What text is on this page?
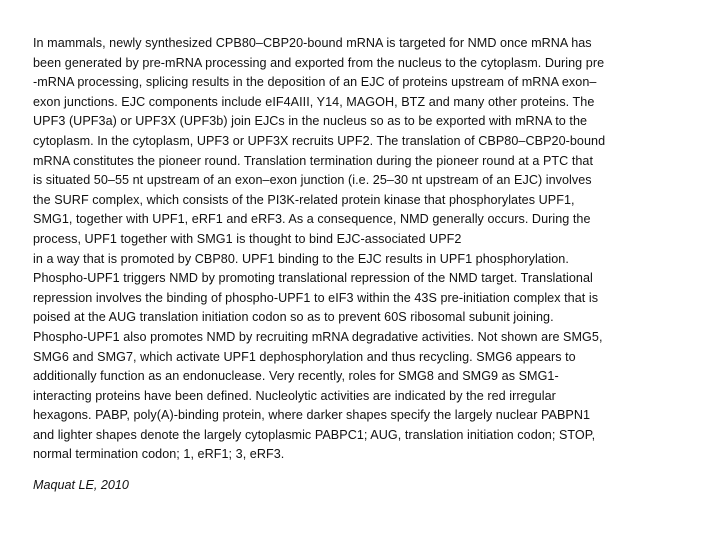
In mammals, newly synthesized CPB80–CBP20-bound mRNA is targeted for NMD once mRNA has
been generated by pre-mRNA processing and exported from the nucleus to the cytoplasm. During pre
-mRNA processing, splicing results in the deposition of an EJC of proteins upstream of mRNA exon–
exon junctions. EJC components include eIF4AIII, Y14, MAGOH, BTZ and many other proteins. The
UPF3 (UPF3a) or UPF3X (UPF3b) join EJCs in the nucleus so as to be exported with mRNA to the
cytoplasm. In the cytoplasm, UPF3 or UPF3X recruits UPF2. The translation of CBP80–CBP20-bound
mRNA constitutes the pioneer round. Translation termination during the pioneer round at a PTC that
is situated 50–55 nt upstream of an exon–exon junction (i.e. 25–30 nt upstream of an EJC) involves
the SURF complex, which consists of the PI3K-related protein kinase that phosphorylates UPF1,
SMG1, together with UPF1, eRF1 and eRF3. As a consequence, NMD generally occurs. During the
process, UPF1 together with SMG1 is thought to bind EJC-associated UPF2
in a way that is promoted by CBP80. UPF1 binding to the EJC results in UPF1 phosphorylation.
Phospho-UPF1 triggers NMD by promoting translational repression of the NMD target. Translational
repression involves the binding of phospho-UPF1 to eIF3 within the 43S pre-initiation complex that is
poised at the AUG translation initiation codon so as to prevent 60S ribosomal subunit joining.
Phospho-UPF1 also promotes NMD by recruiting mRNA degradative activities. Not shown are SMG5,
SMG6 and SMG7, which activate UPF1 dephosphorylation and thus recycling. SMG6 appears to
additionally function as an endonuclease. Very recently, roles for SMG8 and SMG9 as SMG1-
interacting proteins have been defined. Nucleolytic activities are indicated by the red irregular
hexagons. PABP, poly(A)-binding protein, where darker shapes specify the largely nuclear PABPN1
and lighter shapes denote the largely cytoplasmic PABPC1; AUG, translation initiation codon; STOP,
normal termination codon; 1, eRF1; 3, eRF3.
Maquat LE, 2010
